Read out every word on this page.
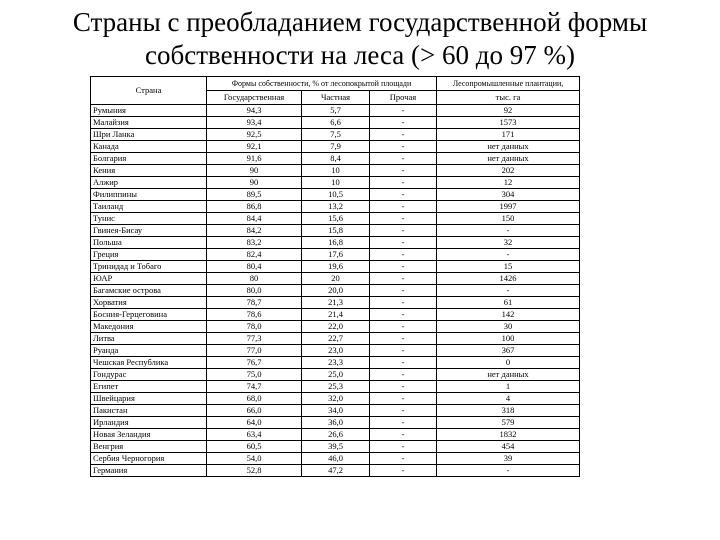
Страны с преобладанием государственной формы
собственности на леса (> 60 до 97 %)
Страна	Формы собственности, % от лесопокрытой площади			Лесопромышленные плантации,
	Государственная	Частная	Прочая	тыс. га
Румыния	94,3	5,7	-	92
Малайзия	93,4	6,6	-	1573
Шри Ланка	92,5	7,5	-	171
Канада	92,1	7,9	-	нет данных
Болгария	91,6	8,4	-	нет данных
Кения	90	10	-	202
Алжир	90	10	-	12
Филиппины	89,5	10,5	-	304
Таиланд	86,8	13,2	-	1997
Тунис	84,4	15,6	-	150
Гвинея-Бисау	84,2	15,8	-	-
Польша	83,2	16,8	-	32
Греция	82,4	17,6	-	-
Тринидад и Тобаго	80,4	19,6	-	15
ЮАР	80	20	-	1426
Багамские острова	80,0	20,0	-	-
Хорватия	78,7	21,3	-	61
Босния-Герцеговина	78,6	21,4	-	142
Македония	78,0	22,0	-	30
Литва	77,3	22,7	-	100
Руанда	77,0	23,0	-	367
Чешская Республика	76,7	23,3	-	0
Гондурас	75,0	25,0	-	нет данных
Египет	74,7	25,3	-	1
Швейцария	68,0	32,0	-	4
Пакистан	66,0	34,0	-	318
Ирландия	64,0	36,0	-	579
Новая Зеландия	63,4	26,6	-	1832
Венгрия	60,5	39,5	-	454
Сербия Черногория	54,0	46,0	-	39
Германия	52,8	47,2	-	-
